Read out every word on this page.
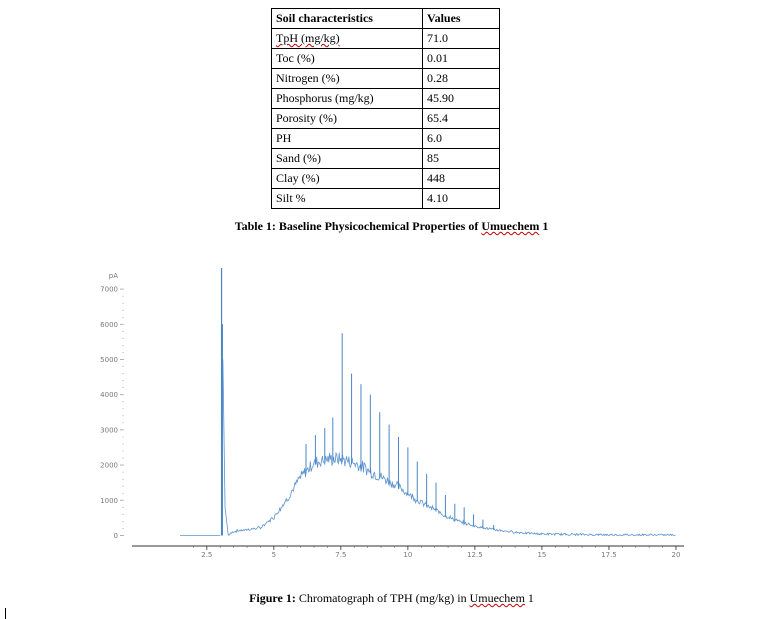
Soil characteristics	Values
TpH (mg/kg)	71.0
Toc (%)	0.01
Nitrogen (%)	0.28
Phosphorus (mg/kg)	45.90
Porosity (%)	65.4
PH	6.0
Sand (%)	85
Clay (%)	448
Silt %	4.10
Table 1: Baseline Physicochemical Properties of Umuechem 1
0
1000
2000
3000
4000
5000
6000
7000
pA
2.5	5	7.5	10	12.5	15	17.5	20
Figure 1: Chromatograph of TPH (mg/kg) in Umuechem 1
